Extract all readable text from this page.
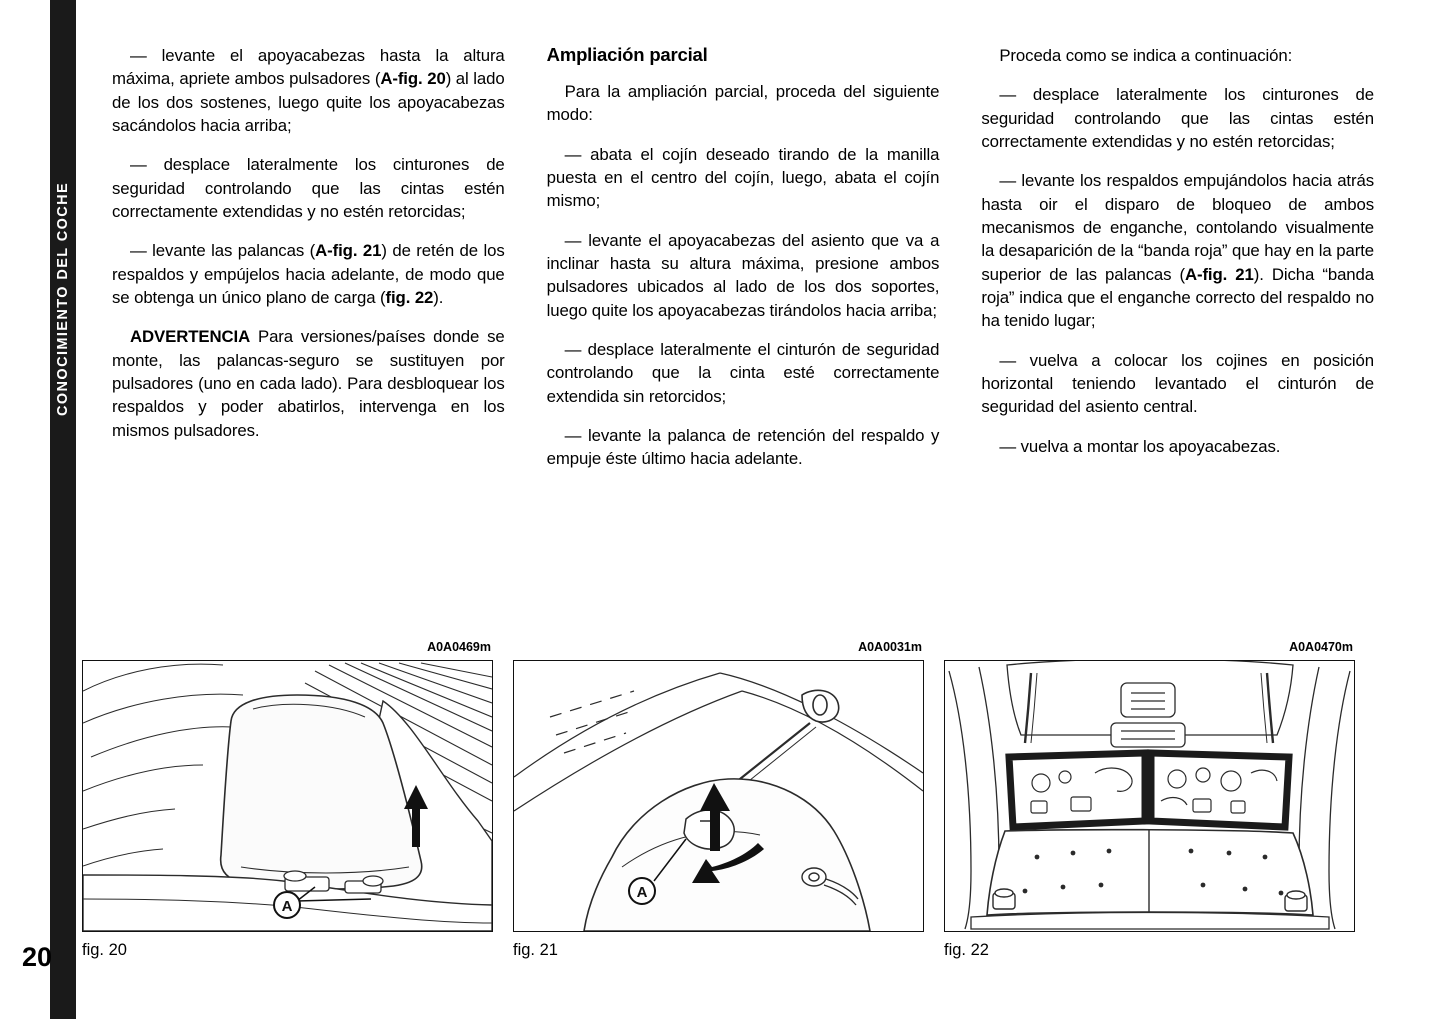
CONOCIMIENTO DEL COCHE
20

— levante el apoyacabezas hasta la altura máxima, apriete ambos pulsadores (A-fig. 20) al lado de los dos sostenes, luego quite los apoyacabezas sacándolos hacia arriba;

— desplace lateralmente los cinturones de seguridad controlando que las cintas estén correctamente extendidas y no estén retorcidas;

— levante las palancas (A-fig. 21) de retén de los respaldos y empújelos hacia adelante, de modo que se obtenga un único plano de carga (fig. 22).

ADVERTENCIA Para versiones/países donde se monte, las palancas-seguro se sustituyen por pulsadores (uno en cada lado). Para desbloquear los respaldos y poder abatirlos, intervenga en los mismos pulsadores.

Ampliación parcial

Para la ampliación parcial, proceda del siguiente modo:

— abata el cojín deseado tirando de la manilla puesta en el centro del cojín, luego, abata el cojín mismo;

— levante el apoyacabezas del asiento que va a inclinar hasta su altura máxima, presione ambos pulsadores ubicados al lado de los dos soportes, luego quite los apoyacabezas tirándolos hacia arriba;

— desplace lateralmente el cinturón de seguridad controlando que la cinta esté correctamente extendida sin retorcidos;

— levante la palanca de retención del respaldo y empuje éste último hacia adelante.

Proceda como se indica a continuación:

— desplace lateralmente los cinturones de seguridad controlando que las cintas estén correctamente extendidas y no estén retorcidas;

— levante los respaldos empujándolos hacia atrás hasta oir el disparo de bloqueo de ambos mecanismos de enganche, contolando visualmente la desaparición de la “banda roja” que hay en la parte superior de las palancas (A-fig. 21). Dicha “banda roja” indica que el enganche correcto del respaldo no ha tenido lugar;

— vuelva a colocar los cojines en posición horizontal teniendo levantado el cinturón de seguridad del asiento central.

— vuelva a montar los apoyacabezas.

A0A0469m
A
fig. 20
A0A0031m
A
fig. 21
A0A0470m
fig. 22
